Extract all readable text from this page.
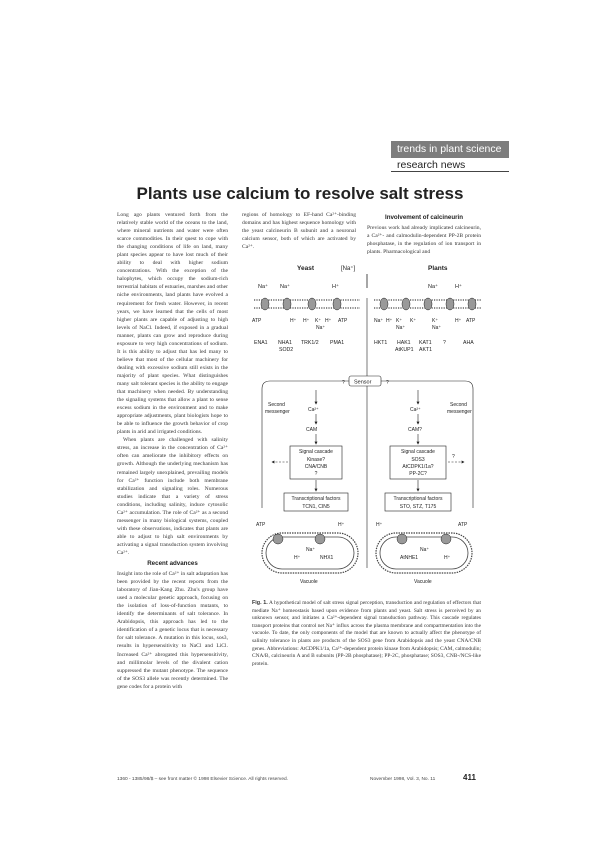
trends in plant science
research news
Plants use calcium to resolve salt stress

Long ago plants ventured forth from the relatively stable world of the oceans to the land, where mineral nutrients and water were often scarce commodities. In their quest to cope with the changing conditions of life on land, many plant species appear to have lost much of their ability to deal with higher sodium concentrations. With the exception of the halophytes, which occupy the sodium-rich terrestrial habitats of estuaries, marshes and other niche environments, land plants have evolved a requirement for fresh water. However, in recent years, we have learned that the cells of most higher plants are capable of adjusting to high levels of NaCl. Indeed, if exposed in a gradual manner, plants can grow and reproduce during exposure to very high concentrations of sodium. It is this ability to adjust that has led many to believe that most of the cellular machinery for dealing with excessive sodium still exists in the majority of plant species. What distinguishes many salt tolerant species is the ability to engage that machinery when needed. By understanding the signaling systems that allow a plant to sense excess sodium in the environment and to make appropriate adjustments, plant biologists hope to be able to influence the growth behavior of crop plants in arid and irrigated conditions.

When plants are challenged with salinity stress, an increase in the concentration of Ca²⁺ often can ameliorate the inhibitory effects on growth. Although the underlying mechanism has remained largely unexplained, prevailing models for Ca²⁺ function include both membrane stabilization and signaling roles. Numerous studies indicate that a variety of stress conditions, including salinity, induce cytosolic Ca²⁺ accumulation. The role of Ca²⁺ as a second messenger in many biological systems, coupled with these observations, indicates that plants are able to adjust to high salt environments by activating a signal transduction system involving Ca²⁺.

Recent advances

Insight into the role of Ca²⁺ in salt adaptation has been provided by the recent reports from the laboratory of Jian-Kang Zhu. Zhu's group have used a molecular genetic approach, focusing on the isolation of loss-of-function mutants, to identify the determinants of salt tolerance. In Arabidopsis, this approach has led to the identification of a genetic locus that is necessary for salt tolerance. A mutation in this locus, sos3, results in hypersensitivity to NaCl and LiCl. Increased Ca²⁺ abrogated this hypersensitivity, and millimolar levels of the divalent cation suppressed the mutant phenotype. The sequence of the SOS3 allele was recently determined. The gene codes for a protein with

regions of homology to EF-hand Ca²⁺-binding domains and has highest sequence homology with the yeast calcineurin B subunit and a neuronal calcium sensor, both of which are activated by Ca²⁺.

Involvement of calcineurin

Previous work had already implicated calcineurin, a Ca²⁺- and calmodulin-dependent PP-2B protein phosphatase, in the regulation of ion transport in plants. Pharmacological and

Yeast	[Na⁺]	Plants
Na⁺ Na⁺	H⁺	Na⁺	H⁺
ATP	H⁺ H⁺ K⁺ H⁺ ATP
Na⁺
Na⁺ H⁺ K⁺ K⁺	K⁺	H⁺ ATP
Na⁺	Na⁺
ENA1 NHA1
SOD2
TRK1/2 PMA1	HKT1 HAK1
AtKUP1
KAT1
AKT1
?	AHA
Sensor
?	?
Second
messenger	Ca²⁺
CAM
Second
messenger
Ca²⁺
CAM?
Signal cascade
Kinase?
CNA/CNB
?
Signal cascade
SOS3
AtCDPK1/1a?
PP-2C?
?
Transcriptional factors
TCN1, CIN5
Transcriptional factors
STO, STZ, T175
ATP	H⁺
Na⁺
H⁺	NHX1
H⁺	ATP
Na⁺
H⁺
AtNHE1
Vacuole	Vacuole
Fig. 1. A hypothetical model of salt stress signal perception, transduction and regulation of effectors that mediate Na⁺ homeostasis based upon evidence from plants and yeast. Salt stress is perceived by an unknown sensor, and initiates a Ca²⁺-dependent signal transduction pathway. This cascade regulates transport proteins that control net Na⁺ influx across the plasma membrane and compartmentation into the vacuole. To date, the only components of the model that are known to actually affect the phenotype of salinity tolerance in plants are products of the SOS3 gene from Arabidopsis and the yeast CNA/CNB genes. Abbreviations: AtCDPK1/1a, Ca²⁺-dependent protein kinase from Arabidopsis; CAM, calmodulin; CNA/B, calcineurin A and B subunits (PP-2B phosphatase); PP-2C, phosphatase; SOS3, CNB-/NCS-like protein.
1360 - 1385/98/$ – see front matter © 1998 Elsevier Science. All rights reserved.	November 1998, Vol. 3, No. 11	411
